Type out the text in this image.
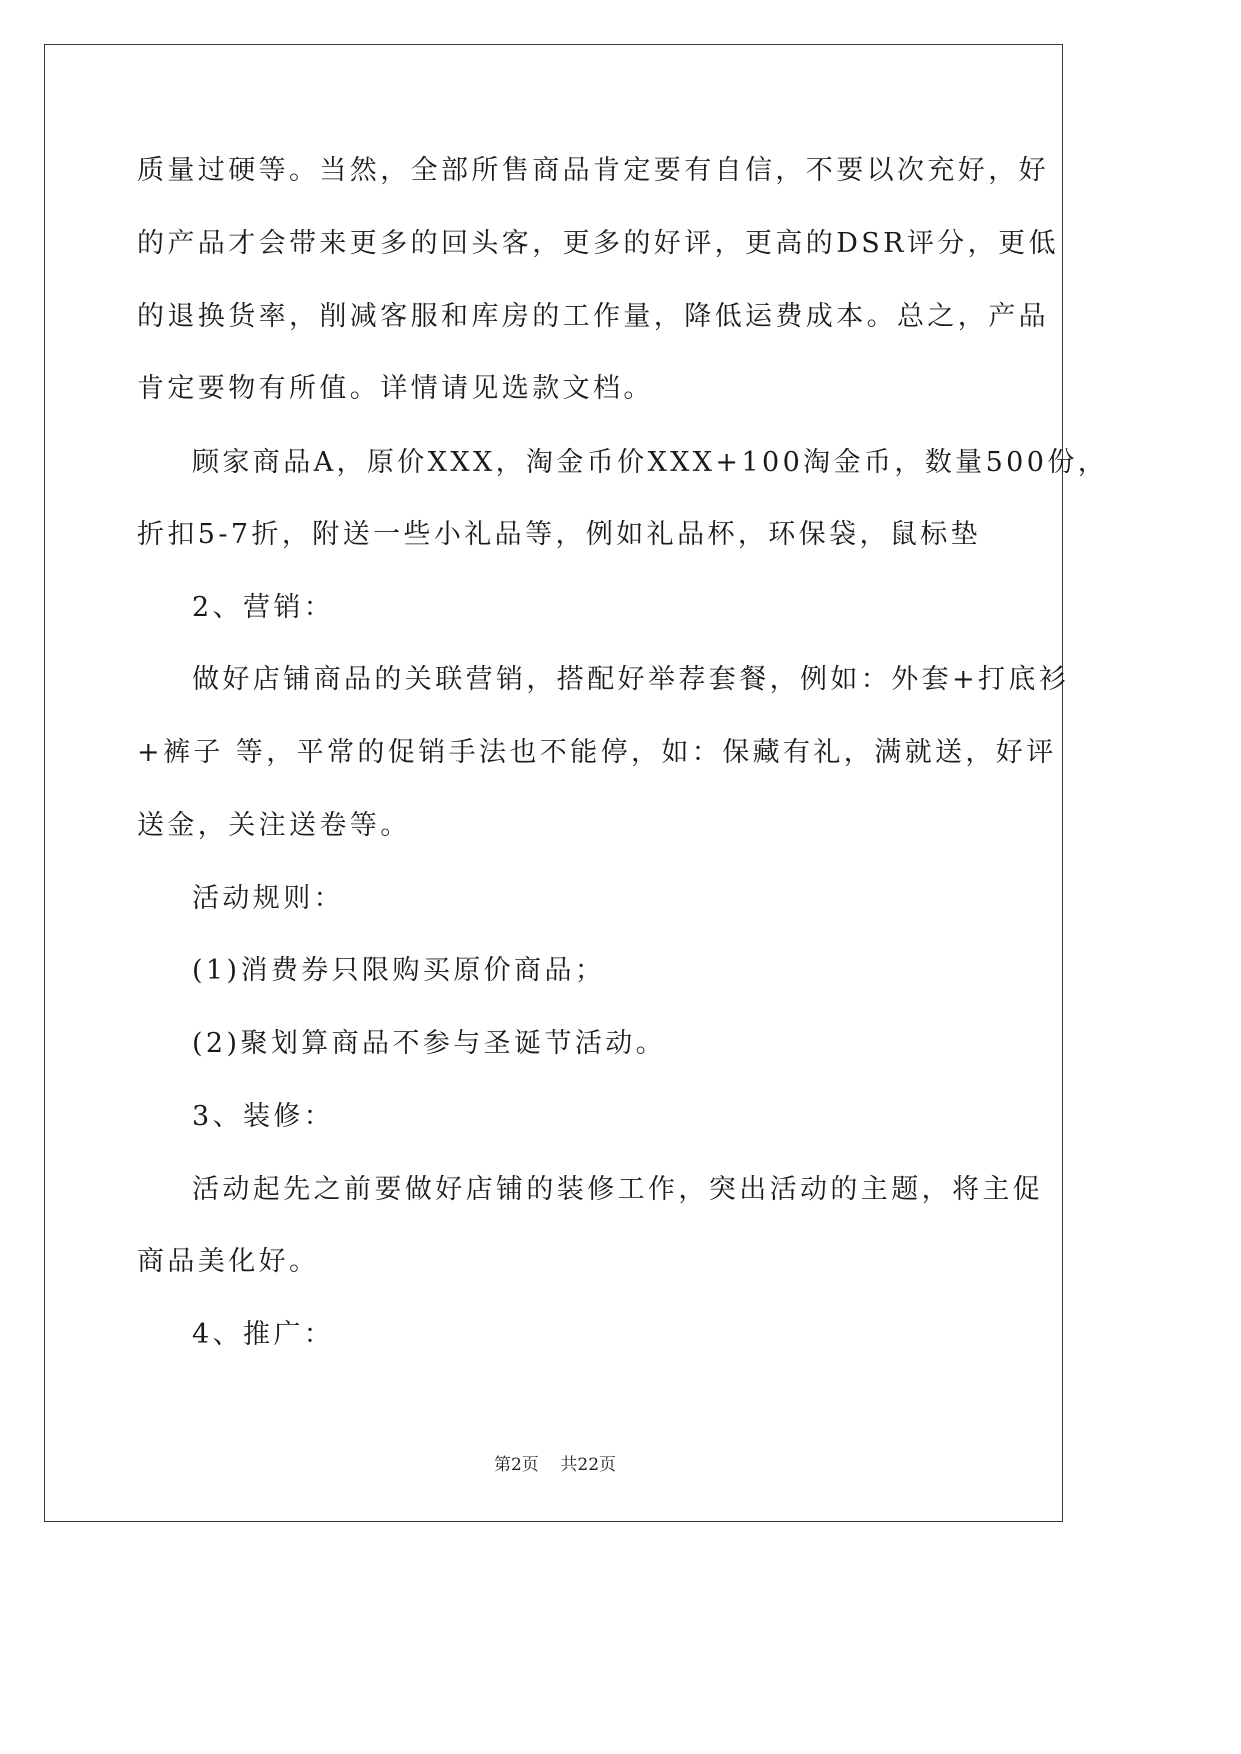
质量过硬等。当然，全部所售商品肯定要有自信，不要以次充好，好
的产品才会带来更多的回头客，更多的好评，更高的DSR评分，更低
的退换货率，削减客服和库房的工作量，降低运费成本。总之，产品
肯定要物有所值。详情请见选款文档。
顾家商品A，原价XXX，淘金币价XXX+100淘金币，数量500份，
折扣5-7折，附送一些小礼品等，例如礼品杯，环保袋，鼠标垫
2、营销：
做好店铺商品的关联营销，搭配好举荐套餐，例如：外套+打底衫
+裤子 等，平常的促销手法也不能停，如：保藏有礼，满就送，好评
送金，关注送卷等。
活动规则：
(1)消费券只限购买原价商品；
(2)聚划算商品不参与圣诞节活动。
3、装修：
活动起先之前要做好店铺的装修工作，突出活动的主题，将主促
商品美化好。
4、推广：
第2页 共22页
